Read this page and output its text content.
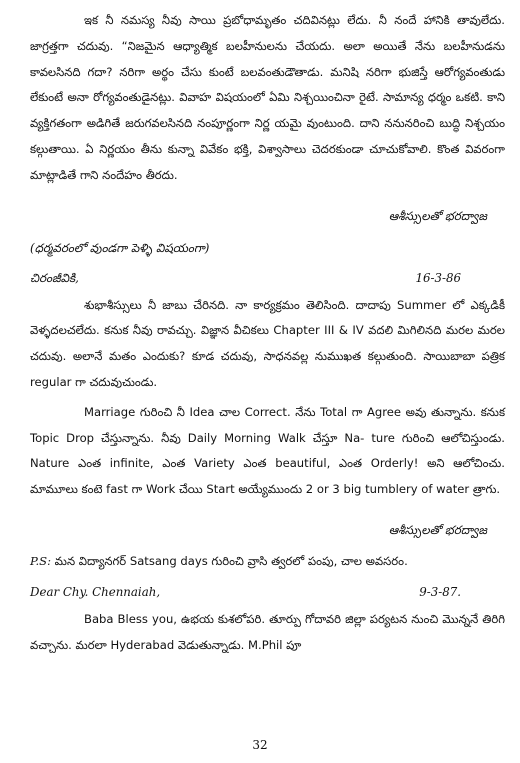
ఇక నీ నమస్య నీవు సాయి ప్రబోధామృతం చదివినట్లు లేదు. నీ నందే హానికి తావులేదు. జాగ్రత్తగా చదువు. “నిజమైన ఆధ్యాత్మిక బలహీనులను చేయదు. అలా అయితే నేను బలహీనుడను కావలసినది గదా? నరిగా అర్థం చేసు కుంటే బలవంతుడౌతాడు. మనిషి నరిగా భుజిస్తే ఆరోగ్యవంతుడు లేకుంటే అనా రోగ్యవంతుడైనట్లు. వివాహ విషయంలో ఏమి నిశ్చయించినా రైటే. సామాన్య ధర్మం ఒకటి. కాని వ్యక్తిగతంగా అడిగితే జరుగవలసినది నంపూర్ణంగా నిర్ణ యమై వుంటుంది. దాని ననునరించి బుద్ధి నిశ్చయం కల్గుతాయి. ఏ నిర్ణయం తీను కున్నా వివేకం భక్తి, విశ్వాసాలు చెదరకుండా చూచుకోవాలి. కొంత వివరంగా మాట్లాడితే గాని నందేహం తీరదు.

ఆశీస్సులతో భరద్వాజ
(ధర్మవరంలో వుండగా పెళ్ళి విషయంగా)
చిరంజీవికి,	16-3-86

శుభాశీస్సులు నీ జాబు చేరినది. నా కార్యక్రమం తెలిసింది. దాదాపు Summer లో ఎక్కడికీ వెళ్ళదలచలేదు. కనుక నీవు రావచ్చు. విజ్ఞాన వీచికలు Chapter III & IV వదలి మిగిలినది మరల మరల చదువు. అలానే మతం ఎందుకు? కూడ చదువు, సాధనవల్ల నుముఖత కల్గుతుంది. సాయిబాబా పత్రిక regular గా చదువుచుండు.

Marriage గురించి నీ Idea చాల Correct. నేను Total గా Agree అవు తున్నాను. కనుక Topic Drop చేస్తున్నాను. నీవు Daily Morning Walk చేస్తూ Na- ture గురించి ఆలోచిస్తుండు. Nature ఎంత infinite, ఎంత Variety ఎంత beautiful, ఎంత Orderly! అని ఆలోచించు. మామూలు కంటె fast గా Work చేయి Start అయ్యేముందు 2 or 3 big tumblery of water త్రాగు.

ఆశీస్సులతో భరద్వాజ

P.S: మన విద్యానగర్ Satsang days గురించి వ్రాసి త్వరలో పంపు, చాల అవసరం.

Dear Chy. Chennaiah,	9-3-87.

Baba Bless you, ఉభయ కుశలోపరి. తూర్పు గోదావరి జిల్లా పర్యటన నుంచి మొన్ననే తిరిగి వచ్చాను. మరలా Hyderabad వెడుతున్నాడు. M.Phil పూ

32
